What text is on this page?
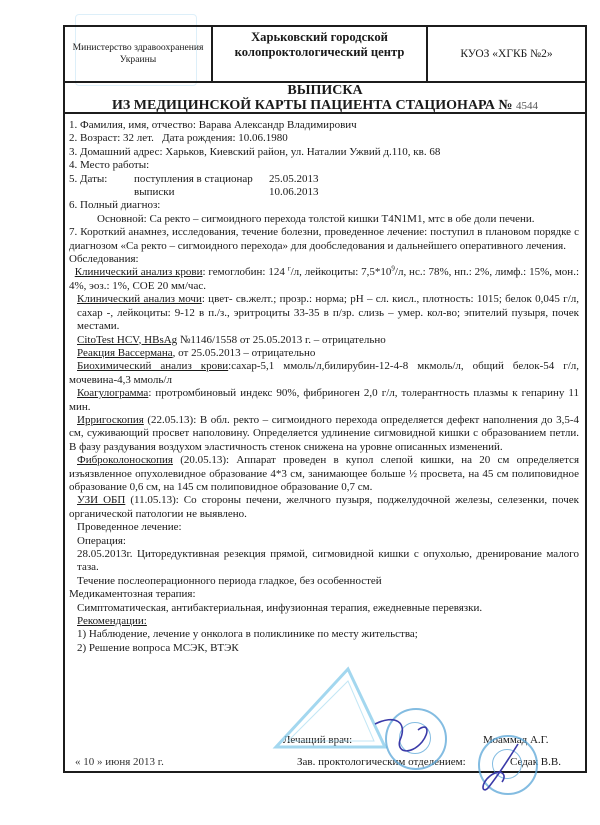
Министерство здравоохранения Украины
Харьковский городской колопроктологический центр	КУОЗ «ХГКБ №2»
ВЫПИСКА
ИЗ МЕДИЦИНСКОЙ КАРТЫ ПАЦИЕНТА СТАЦИОНАРА № 4544
1. Фамилия, имя, отчество: Варава Александр Владимирович
2. Возраст: 32 лет.   Дата рождения: 10.06.1980
3. Домашний адрес: Харьков, Киевский район, ул. Наталии Ужвий д.110, кв. 68
4. Место работы:
5. Даты:	поступления в стационар	25.05.2013
выписки	10.06.2013
6. Полный диагноз:
Основной: Са ректо – сигмоидного перехода толстой кишки T4N1M1, мтс в обе доли печени.
7. Короткий анамнез, исследования, течение болезни, проведенное лечение: поступил в плановом порядке с диагнозом «Са ректо – сигмоидного перехода» для дообследования и дальнейшего оперативного лечения.
Обследования:
Клинический анализ крови: гемоглобин: 124 $^г$/л, лейкоциты: $7,5*10^9/л$, нс.: 78%, нп.: 2%, лимф.: 15%, мон.: 4%, эоз.: 1%, СОЕ 20 мм/час.
Клинический анализ мочи: цвет- св.желт.; прозр.: норма; pH – сл. кисл., плотность: 1015; белок 0,045 г/л, сахар -, лейкоциты: 9-12 в п./з., эритроциты 33-35 в п/зр. слизь – умер. кол-во; эпителий пузыря, почек местами.
CitoTest HCV, HBsAg №1146/1558 от 25.05.2013 г. – отрицательно
Реакция Вассермана, от 25.05.2013 – отрицательно
Биохимический анализ крови:сахар-5,1 ммоль/л,билирубин-12-4-8 мкмоль/л, общий белок-54 г/л, мочевина-4,3 ммоль/л
Коагулограмма: протромбиновый индекс 90%, фибриноген 2,0 г/л, толерантность плазмы к гепарину 11 мин.
Ирригоскопия (22.05.13): В обл. ректо – сигмоидного перехода определяется дефект наполнения до 3,5-4 см, суживающий просвет наполовину. Определяется удлинение сигмовидной кишки с образованием петли. В фазу раздувания воздухом эластичность стенок снижена на уровне описанных изменений.
Фиброколоноскопия (20.05.13): Аппарат проведен в купол слепой кишки, на 20 см определяется изъязвленное опухолевидное образование 4*3 см, занимающее больше ½ просвета, на 45 см полиповидное образование 0,6 см, на 145 см полиповидное образование 0,7 см.
УЗИ ОБП (11.05.13): Со стороны печени, желчного пузыря, поджелудочной железы, селезенки, почек органической патологии не выявлено.
Проведенное лечение:
Операция:
28.05.2013г. Циторедуктивная резекция прямой, сигмовидной кишки с опухолью, дренирование малого таза.
Течение послеоперационного периода гладкое, без особенностей
Медикаментозная терапия:
Симптоматическая, антибактериальная, инфузионная терапия, ежедневные перевязки.
Рекомендации:
1) Наблюдение, лечение у онколога в поликлинике по месту жительства;
2) Решение вопроса МСЭК, ВТЭК
Лечащий врач:	Моаммад А.Г.
« 10 » июня 2013 г.	Зав. проктологическим отделением:	Седак В.В.
